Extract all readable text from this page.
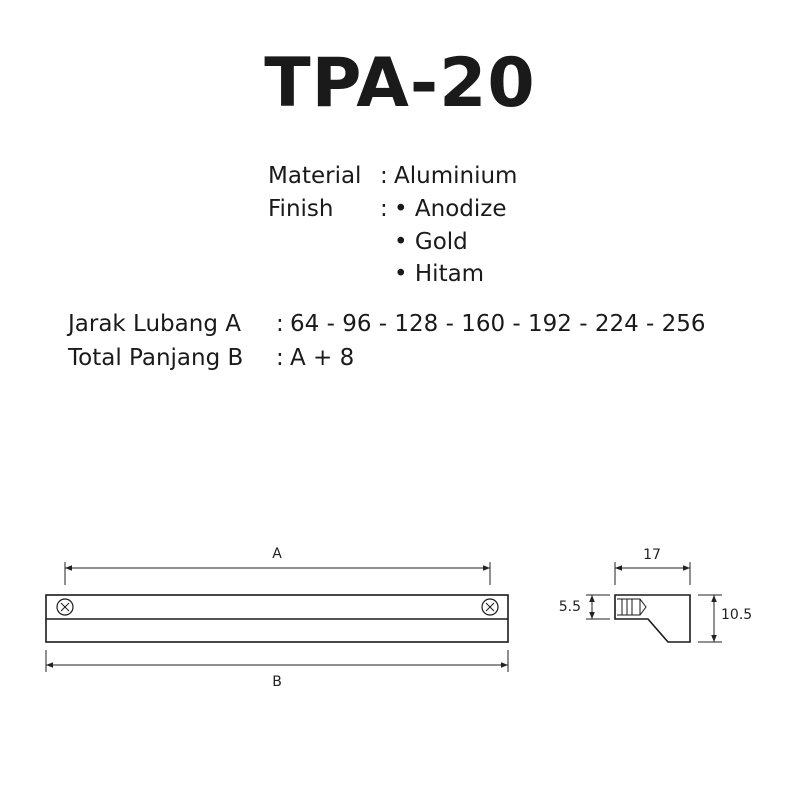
TPA-20
Material : Aluminium
Finish : • Anodize
• Gold
• Hitam
Jarak Lubang A : 64 - 96 - 128 - 160 - 192 - 224 - 256
Total Panjang B : A + 8
A
B
17
5.5	10.5
